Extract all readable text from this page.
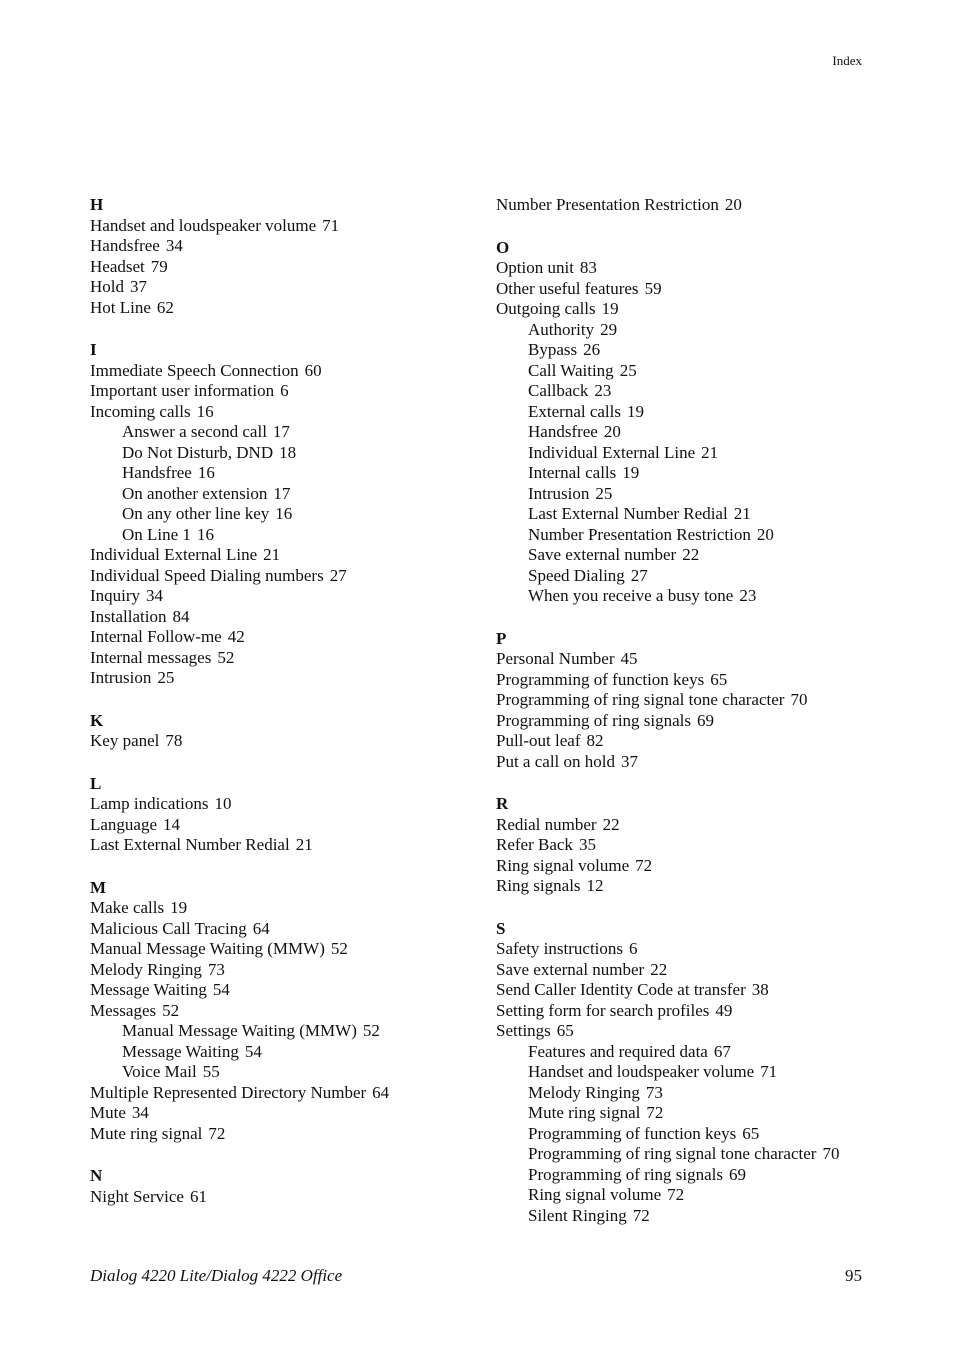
Index
H
Handset and loudspeaker volume 71
Handsfree 34
Headset 79
Hold 37
Hot Line 62
I
Immediate Speech Connection 60
Important user information 6
Incoming calls 16
Answer a second call 17
Do Not Disturb, DND 18
Handsfree 16
On another extension 17
On any other line key 16
On Line 1 16
Individual External Line 21
Individual Speed Dialing numbers 27
Inquiry 34
Installation 84
Internal Follow-me 42
Internal messages 52
Intrusion 25
K
Key panel 78
L
Lamp indications 10
Language 14
Last External Number Redial 21
M
Make calls 19
Malicious Call Tracing 64
Manual Message Waiting (MMW) 52
Melody Ringing 73
Message Waiting 54
Messages 52
Manual Message Waiting (MMW) 52
Message Waiting 54
Voice Mail 55
Multiple Represented Directory Number 64
Mute 34
Mute ring signal 72
N
Night Service 61
Number Presentation Restriction 20
O
Option unit 83
Other useful features 59
Outgoing calls 19
Authority 29
Bypass 26
Call Waiting 25
Callback 23
External calls 19
Handsfree 20
Individual External Line 21
Internal calls 19
Intrusion 25
Last External Number Redial 21
Number Presentation Restriction 20
Save external number 22
Speed Dialing 27
When you receive a busy tone 23
P
Personal Number 45
Programming of function keys 65
Programming of ring signal tone character 70
Programming of ring signals 69
Pull-out leaf 82
Put a call on hold 37
R
Redial number 22
Refer Back 35
Ring signal volume 72
Ring signals 12
S
Safety instructions 6
Save external number 22
Send Caller Identity Code at transfer 38
Setting form for search profiles 49
Settings 65
Features and required data 67
Handset and loudspeaker volume 71
Melody Ringing 73
Mute ring signal 72
Programming of function keys 65
Programming of ring signal tone character 70
Programming of ring signals 69
Ring signal volume 72
Silent Ringing 72
Dialog 4220 Lite/Dialog 4222 Office	95
